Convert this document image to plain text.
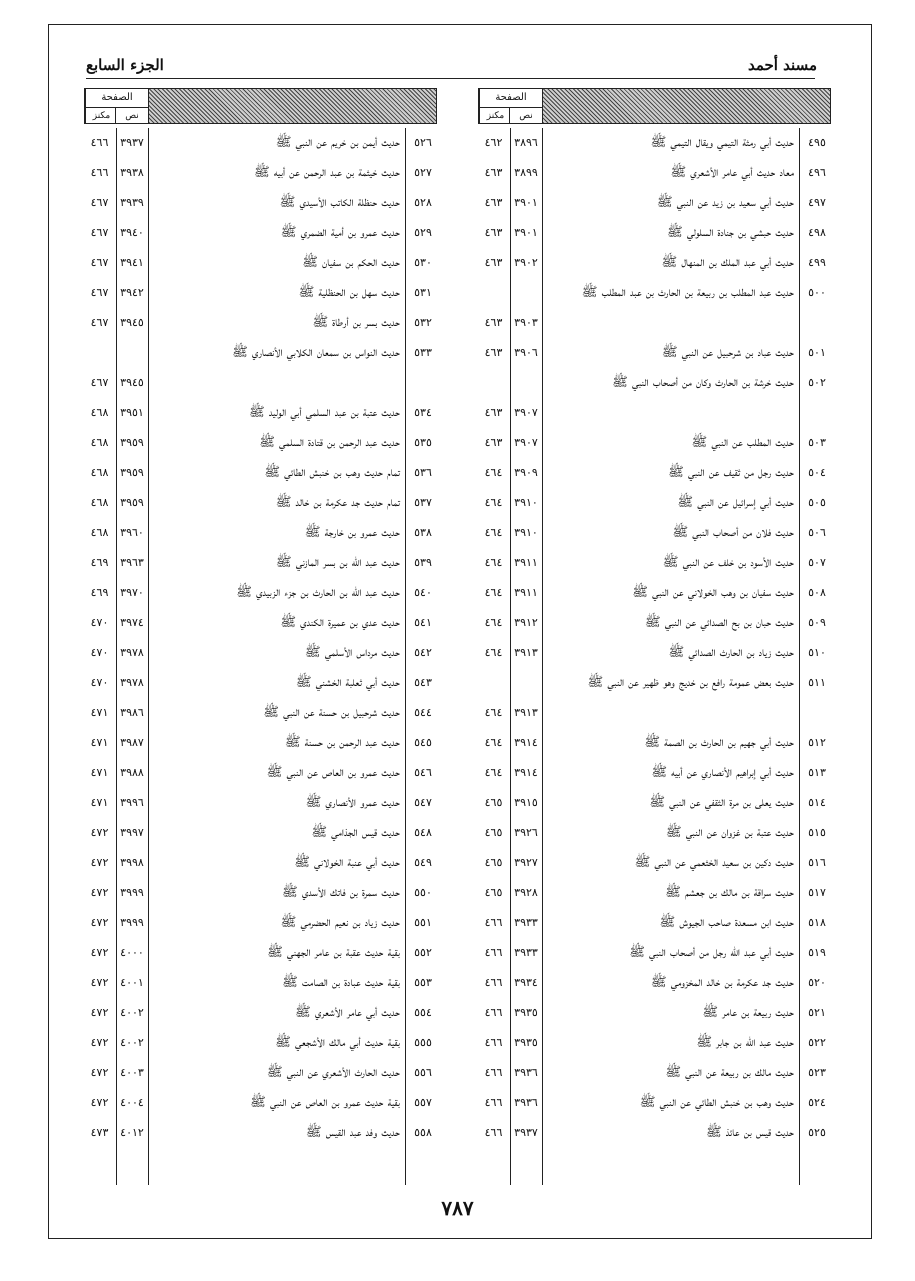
مسند أحمد
الجزء السابع
الصفحة
نص
مكنز
٤٩٥
حديث أبي رمثة التيمي ويقال التيمي ﷺ
٣٨٩٦
٤٦٢
٤٩٦
معاد حديث أبي عامر الأشعري ﷺ
٣٨٩٩
٤٦٣
٤٩٧
حديث أبي سعيد بن زيد عن النبي ﷺ
٣٩٠١
٤٦٣
٤٩٨
حديث حبشي بن جنادة السلولي ﷺ
٣٩٠١
٤٦٣
٤٩٩
حديث أبي عبد الملك بن المنهال ﷺ
٣٩٠٢
٤٦٣
٥٠٠
حديث عبد المطلب بن ربيعة بن الحارث بن عبد المطلب ﷺ
٣٩٠٣
٤٦٣
٥٠١
حديث عباد بن شرحبيل عن النبي ﷺ
٣٩٠٦
٤٦٣
٥٠٢
حديث خرشة بن الحارث وكان من أصحاب النبي ﷺ
٣٩٠٧
٤٦٣
٥٠٣
حديث المطلب عن النبي ﷺ
٣٩٠٧
٤٦٣
٥٠٤
حديث رجل من ثقيف عن النبي ﷺ
٣٩٠٩
٤٦٤
٥٠٥
حديث أبي إسرائيل عن النبي ﷺ
٣٩١٠
٤٦٤
٥٠٦
حديث فلان من أصحاب النبي ﷺ
٣٩١٠
٤٦٤
٥٠٧
حديث الأسود بن خلف عن النبي ﷺ
٣٩١١
٤٦٤
٥٠٨
حديث سفيان بن وهب الخولاني عن النبي ﷺ
٣٩١١
٤٦٤
٥٠٩
حديث حبان بن بح الصدائي عن النبي ﷺ
٣٩١٢
٤٦٤
٥١٠
حديث زياد بن الحارث الصدائي ﷺ
٣٩١٣
٤٦٤
٥١١
حديث بعض عمومة رافع بن خديج وهو ظهير عن النبي ﷺ
٣٩١٣
٤٦٤
٥١٢
حديث أبي جهيم بن الحارث بن الصمة ﷺ
٣٩١٤
٤٦٤
٥١٣
حديث أبي إبراهيم الأنصاري عن أبيه ﷺ
٣٩١٤
٤٦٤
٥١٤
حديث يعلى بن مرة الثقفي عن النبي ﷺ
٣٩١٥
٤٦٥
٥١٥
حديث عتبة بن غزوان عن النبي ﷺ
٣٩٢٦
٤٦٥
٥١٦
حديث دكين بن سعيد الخثعمي عن النبي ﷺ
٣٩٢٧
٤٦٥
٥١٧
حديث سراقة بن مالك بن جعشم ﷺ
٣٩٢٨
٤٦٥
٥١٨
حديث ابن مسعدة صاحب الجيوش ﷺ
٣٩٣٣
٤٦٦
٥١٩
حديث أبي عبد الله رجل من أصحاب النبي ﷺ
٣٩٣٣
٤٦٦
٥٢٠
حديث جد عكرمة بن خالد المخزومي ﷺ
٣٩٣٤
٤٦٦
٥٢١
حديث ربيعة بن عامر ﷺ
٣٩٣٥
٤٦٦
٥٢٢
حديث عبد الله بن جابر ﷺ
٣٩٣٥
٤٦٦
٥٢٣
حديث مالك بن ربيعة عن النبي ﷺ
٣٩٣٦
٤٦٦
٥٢٤
حديث وهب بن خنبش الطائي عن النبي ﷺ
٣٩٣٦
٤٦٦
٥٢٥
حديث قيس بن عائذ ﷺ
٣٩٣٧
٤٦٦
الصفحة
نص
مكنز
٥٢٦
حديث أيمن بن خريم عن النبي ﷺ
٣٩٣٧
٤٦٦
٥٢٧
حديث خيثمة بن عبد الرحمن عن أبيه ﷺ
٣٩٣٨
٤٦٦
٥٢٨
حديث حنظلة الكاتب الأسيدي ﷺ
٣٩٣٩
٤٦٧
٥٢٩
حديث عمرو بن أمية الضمري ﷺ
٣٩٤٠
٤٦٧
٥٣٠
حديث الحكم بن سفيان ﷺ
٣٩٤١
٤٦٧
٥٣١
حديث سهل بن الحنظلية ﷺ
٣٩٤٢
٤٦٧
٥٣٢
حديث بسر بن أرطاة ﷺ
٣٩٤٥
٤٦٧
٥٣٣
حديث النواس بن سمعان الكلابي الأنصاري ﷺ
٣٩٤٥
٤٦٧
٥٣٤
حديث عتبة بن عبد السلمي أبي الوليد ﷺ
٣٩٥١
٤٦٨
٥٣٥
حديث عبد الرحمن بن قتادة السلمي ﷺ
٣٩٥٩
٤٦٨
٥٣٦
تمام حديث وهب بن خنبش الطائي ﷺ
٣٩٥٩
٤٦٨
٥٣٧
تمام حديث جد عكرمة بن خالد ﷺ
٣٩٥٩
٤٦٨
٥٣٨
حديث عمرو بن خارجة ﷺ
٣٩٦٠
٤٦٨
٥٣٩
حديث عبد الله بن بسر المازني ﷺ
٣٩٦٣
٤٦٩
٥٤٠
حديث عبد الله بن الحارث بن جزء الزبيدي ﷺ
٣٩٧٠
٤٦٩
٥٤١
حديث عدي بن عميرة الكندي ﷺ
٣٩٧٤
٤٧٠
٥٤٢
حديث مرداس الأسلمي ﷺ
٣٩٧٨
٤٧٠
٥٤٣
حديث أبي ثعلبة الخشني ﷺ
٣٩٧٨
٤٧٠
٥٤٤
حديث شرحبيل بن حسنة عن النبي ﷺ
٣٩٨٦
٤٧١
٥٤٥
حديث عبد الرحمن بن حسنة ﷺ
٣٩٨٧
٤٧١
٥٤٦
حديث عمرو بن العاص عن النبي ﷺ
٣٩٨٨
٤٧١
٥٤٧
حديث عمرو الأنصاري ﷺ
٣٩٩٦
٤٧١
٥٤٨
حديث قيس الجذامي ﷺ
٣٩٩٧
٤٧٢
٥٤٩
حديث أبي عنبة الخولاني ﷺ
٣٩٩٨
٤٧٢
٥٥٠
حديث سمرة بن فاتك الأسدي ﷺ
٣٩٩٩
٤٧٢
٥٥١
حديث زياد بن نعيم الحضرمي ﷺ
٣٩٩٩
٤٧٢
٥٥٢
بقية حديث عقبة بن عامر الجهني ﷺ
٤٠٠٠
٤٧٢
٥٥٣
بقية حديث عبادة بن الصامت ﷺ
٤٠٠١
٤٧٢
٥٥٤
حديث أبي عامر الأشعري ﷺ
٤٠٠٢
٤٧٢
٥٥٥
بقية حديث أبي مالك الأشجعي ﷺ
٤٠٠٢
٤٧٢
٥٥٦
حديث الحارث الأشعري عن النبي ﷺ
٤٠٠٣
٤٧٢
٥٥٧
بقية حديث عمرو بن العاص عن النبي ﷺ
٤٠٠٤
٤٧٢
٥٥٨
حديث وفد عبد القيس ﷺ
٤٠١٢
٤٧٣
٧٨٧
